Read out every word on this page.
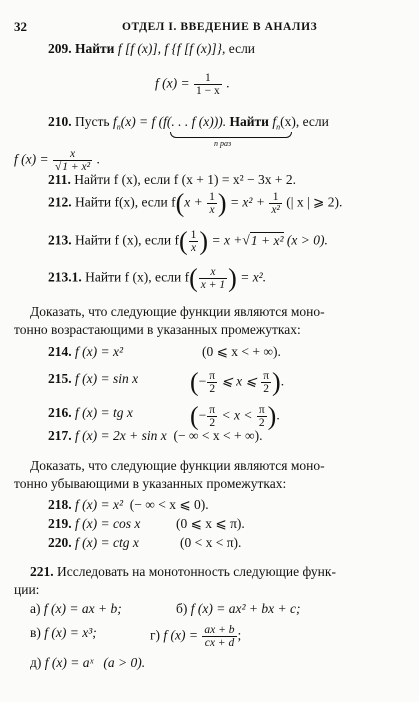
32	ОТДЕЛ I. ВВЕДЕНИЕ В АНАЛИЗ
209. Найти f [f (x)], f {f [f (x)]}, если
f $(x) = \frac{1}{1 - x}$ .
210. Пусть $f_n(x) = f$ (f(. . . f (x))). Найти $f_n(x)$, если
n раз
f $(x) = \frac{x}{\text{√1 + x²}}$ .
211. Найти f (x), если f (x + 1) = x² − 3x + 2.
212. Найти f(x), если $f(x + \frac{1}{x}$ ) = $x^2 + \frac{1}{\text{x²}}$ (| x | ⩾ 2).
213. Найти f (x), если $f( \frac{1}{x}$ ) = x +√1 + x² (x > 0).
213.1. Найти f (x), если $f( \frac{x}{x + 1}$ ) = x².
Доказать, что следующие функции являются моно-
тонно возрастающими в указанных промежутках:
214. f (x) = x²	(0 ⩽ x < + ∞).
215. f (x) = sin x (− $\frac{\pi}{2}$ ⩽ x ⩽ $\frac{\pi}{2}$ ).
216. f (x) = tg x (− $\frac{\pi}{2} < x < \frac{\pi}{2}$ ).
217. f (x) = 2x + sin x (− ∞ < x < + ∞).
Доказать, что следующие функции являются моно-
тонно убывающими в указанных промежутках:
218. f (x) = x² (− ∞ < x ⩽ 0).
219. f (x) = cos x	(0 ⩽ x ⩽ π).
220. f (x) = ctg x	(0 < x < π).
221. Исследовать на монотонность следующие функ-
ции:
а) f (x) = ax + b;	б) f (x) = ax² + bx + c;
в) f (x) = x³;	г) f $(x) = \frac{ax + b}{cx + d}$ ;
д) f (x) = aˣ (a > 0).
